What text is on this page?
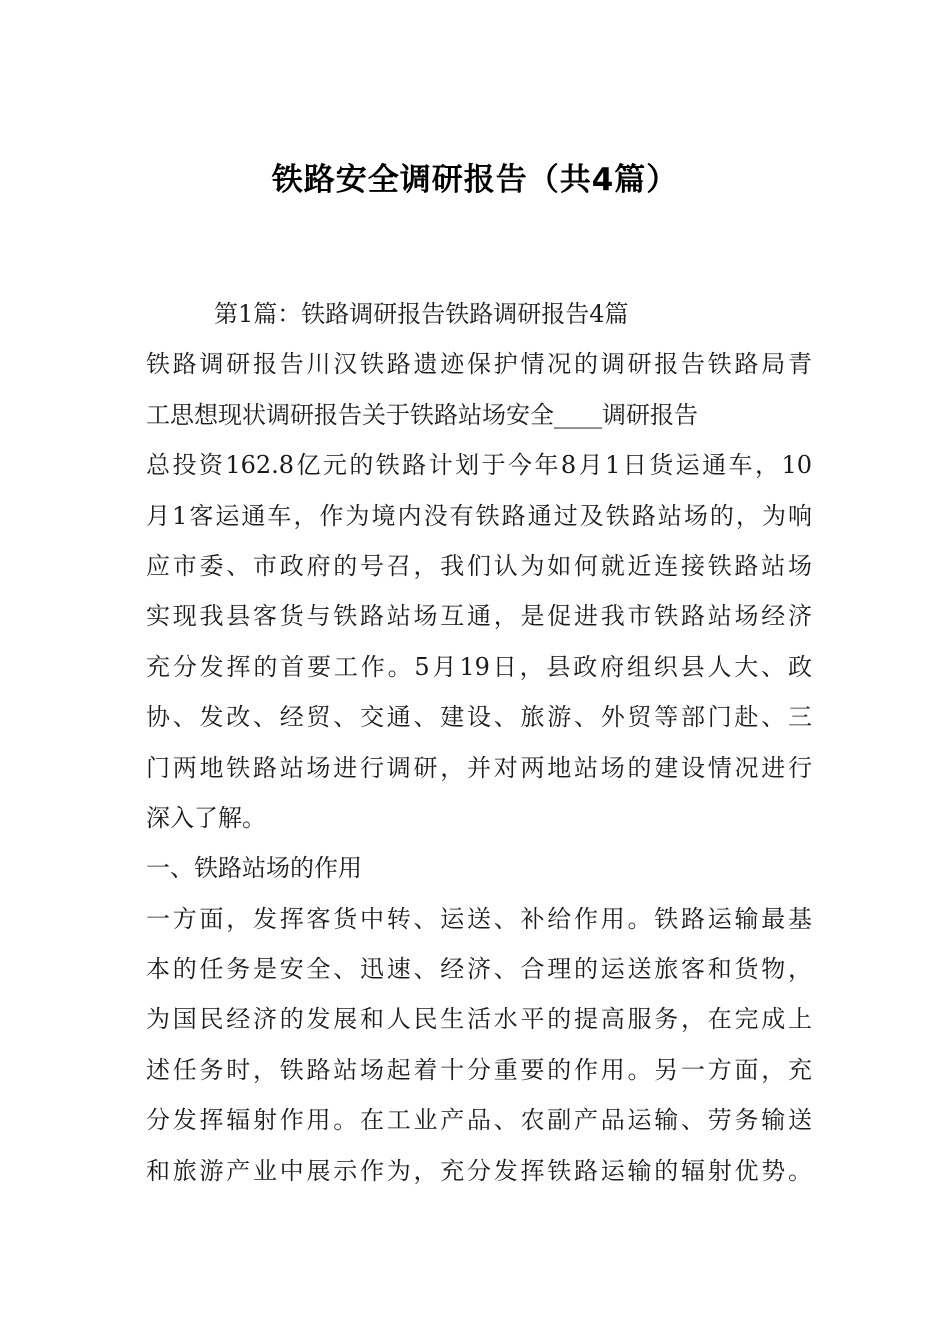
铁路安全调研报告（共4篇）
第1篇：铁路调研报告铁路调研报告4篇
铁路调研报告川汉铁路遗迹保护情况的调研报告铁路局青
工思想现状调研报告关于铁路站场安全____调研报告
总投资162.8亿元的铁路计划于今年8月1日货运通车，10
月1客运通车，作为境内没有铁路通过及铁路站场的，为响
应市委、市政府的号召，我们认为如何就近连接铁路站场
实现我县客货与铁路站场互通，是促进我市铁路站场经济
充分发挥的首要工作。5月19日，县政府组织县人大、政
协、发改、经贸、交通、建设、旅游、外贸等部门赴、三
门两地铁路站场进行调研，并对两地站场的建设情况进行
深入了解。
一、铁路站场的作用
一方面，发挥客货中转、运送、补给作用。铁路运输最基
本的任务是安全、迅速、经济、合理的运送旅客和货物，
为国民经济的发展和人民生活水平的提高服务，在完成上
述任务时，铁路站场起着十分重要的作用。另一方面，充
分发挥辐射作用。在工业产品、农副产品运输、劳务输送
和旅游产业中展示作为，充分发挥铁路运输的辐射优势。
